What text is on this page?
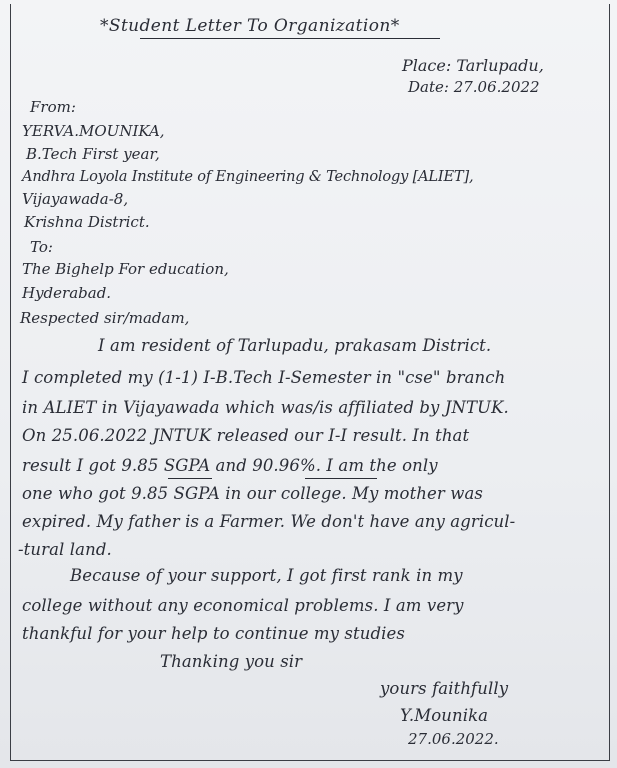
*Student Letter To Organization*
Place: Tarlupadu,
Date: 27.06.2022
From:
YERVA.MOUNIKA,
B.Tech First year,
Andhra Loyola Institute of Engineering & Technology [ALIET],
Vijayawada-8,
Krishna District.
To:
The Bighelp For education,
Hyderabad.
Respected sir/madam,
I am resident of Tarlupadu, prakasam District.
I completed my (1-1) I-B.Tech I-Semester in "cse" branch
in ALIET in Vijayawada which was/is affiliated by JNTUK.
On 25.06.2022 JNTUK released our I-I result. In that
result I got 9.85 SGPA and 90.96%. I am the only
one who got 9.85 SGPA in our college. My mother was
expired. My father is a Farmer. We don't have any agricul-
-tural land.
Because of your support, I got first rank in my
college without any economical problems. I am very
thankful for your help to continue my studies
Thanking you sir
yours faithfully
Y.Mounika
27.06.2022.
